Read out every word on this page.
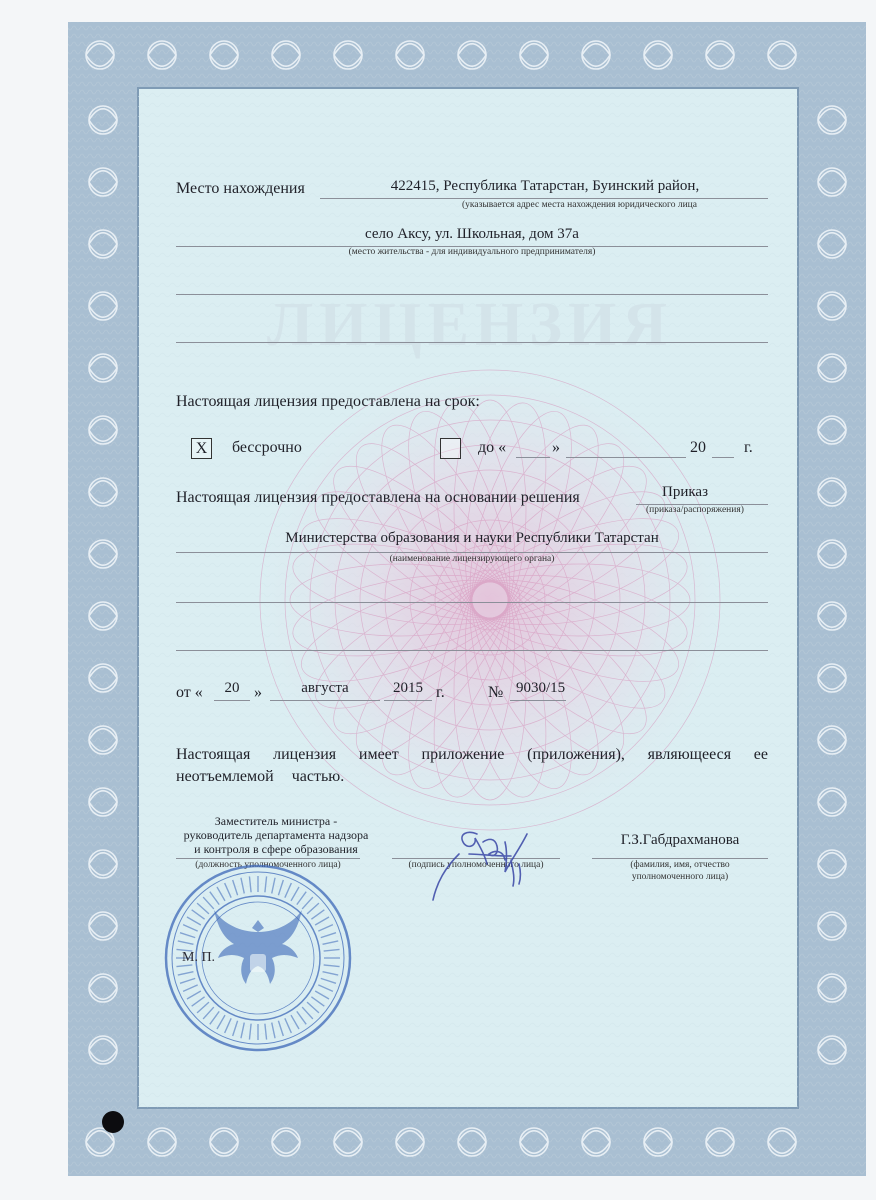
ЛИЦЕНЗИЯ
Место нахождения	422415, Республика Татарстан, Буинский район,
(указывается адрес места нахождения юридического лица
село Аксу, ул. Школьная, дом 37а
(место жительства - для индивидуального предпринимателя)
Настоящая лицензия предоставлена на срок:
X бессрочно	до «	»	20 г.
Настоящая лицензия предоставлена на основании решения	Приказ
(приказа/распоряжения)
Министерства образования и науки Республики Татарстан
(наименование лицензирующего органа)
от «	20 »	августа	2015 г.	№ 9030/15
Настоящая лицензия имеет приложение (приложения), являющееся ее неотъемлемой частью.
Заместитель министра -
руководитель департамента надзора
и контроля в сфере образования
(должность уполномоченного лица)	(подпись уполномоченного лица)
Г.З.Габдрахманова
(фамилия, имя, отчество
уполномоченного лица)
М. П.
